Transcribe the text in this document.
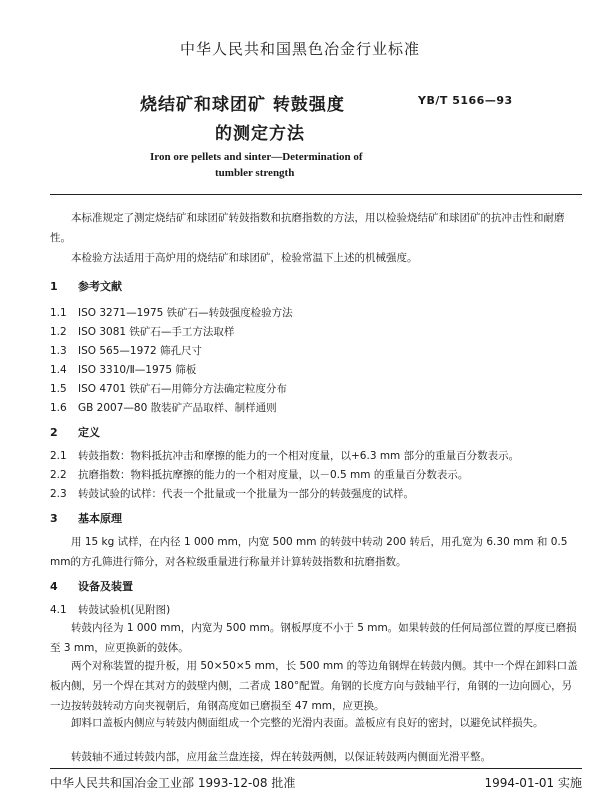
中华人民共和国黑色冶金行业标准
烧结矿和球团矿 转鼓强度
的测定方法
YB/T 5166—93
Iron ore pellets and sinter—Determination of
tumbler strength
本标准规定了测定烧结矿和球团矿转鼓指数和抗磨指数的方法，用以检验烧结矿和球团矿的抗冲击性和耐磨性。
本检验方法适用于高炉用的烧结矿和球团矿，检验常温下上述的机械强度。
1 参考文献
1.1 ISO 3271—1975 铁矿石—转鼓强度检验方法
1.2 ISO 3081 铁矿石—手工方法取样
1.3 ISO 565—1972 筛孔尺寸
1.4 ISO 3310/Ⅱ—1975 筛板
1.5 ISO 4701 铁矿石—用筛分方法确定粒度分布
1.6 GB 2007—80 散装矿产品取样、制样通则
2 定义
2.1 转鼓指数：物料抵抗冲击和摩擦的能力的一个相对度量，以+6.3 mm 部分的重量百分数表示。
2.2 抗磨指数：物料抵抗摩擦的能力的一个相对度量，以－0.5 mm 的重量百分数表示。
2.3 转鼓试验的试样：代表一个批量或一个批量为一部分的转鼓强度的试样。
3 基本原理
用 15 kg 试样，在内径 1 000 mm，内宽 500 mm 的转鼓中转动 200 转后，用孔宽为 6.30 mm 和 0.5 mm的方孔筛进行筛分，对各粒级重量进行称量并计算转鼓指数和抗磨指数。
4 设备及装置
4.1 转鼓试验机(见附图)
转鼓内径为 1 000 mm，内宽为 500 mm。钢板厚度不小于 5 mm。如果转鼓的任何局部位置的厚度已磨损至 3 mm，应更换新的鼓体。
两个对称装置的提升板，用 50×50×5 mm，长 500 mm 的等边角钢焊在转鼓内侧。其中一个焊在卸料口盖板内侧，另一个焊在其对方的鼓壁内侧，二者成 180°配置。角钢的长度方向与鼓轴平行，角钢的一边向圆心，另一边按转鼓转动方向夹视朝后，角钢高度如已磨损至 47 mm，应更换。
卸料口盖板内侧应与转鼓内侧面组成一个完整的光滑内表面。盖板应有良好的密封，以避免试样损失。
转鼓轴不通过转鼓内部，应用盆兰盘连接，焊在转鼓两侧，以保证转鼓两内侧面光滑平整。
中华人民共和国冶金工业部 1993-12-08 批准	1994-01-01 实施
